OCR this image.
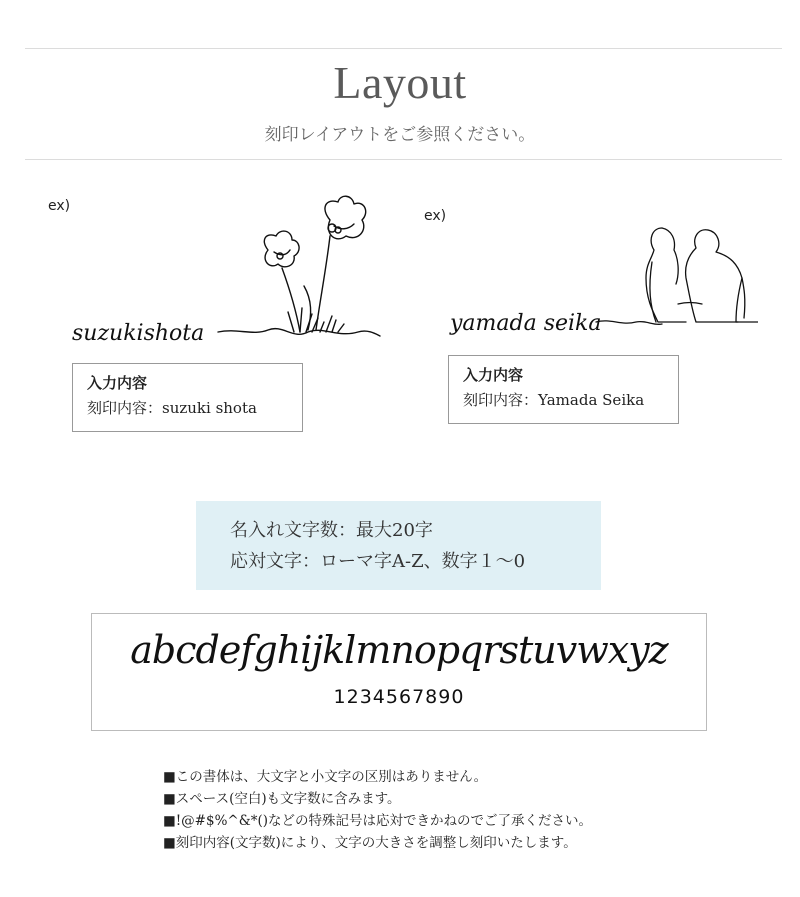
Layout
刻印レイアウトをご参照ください。
ex)
suzukishota
入力内容
刻印内容：suzuki shota
ex)
yamada seika
入力内容
刻印内容：Yamada Seika
名入れ文字数：最大20字
応対文字：ローマ字A-Z、数字１～0
abcdefghijklmnopqrstuvwxyz
1234567890
■この書体は、大文字と小文字の区別はありません。
■スペース(空白)も文字数に含みます。
■!@#$%^&*()などの特殊記号は応対できかねのでご了承ください。
■刻印内容(文字数)により、文字の大きさを調整し刻印いたします。
